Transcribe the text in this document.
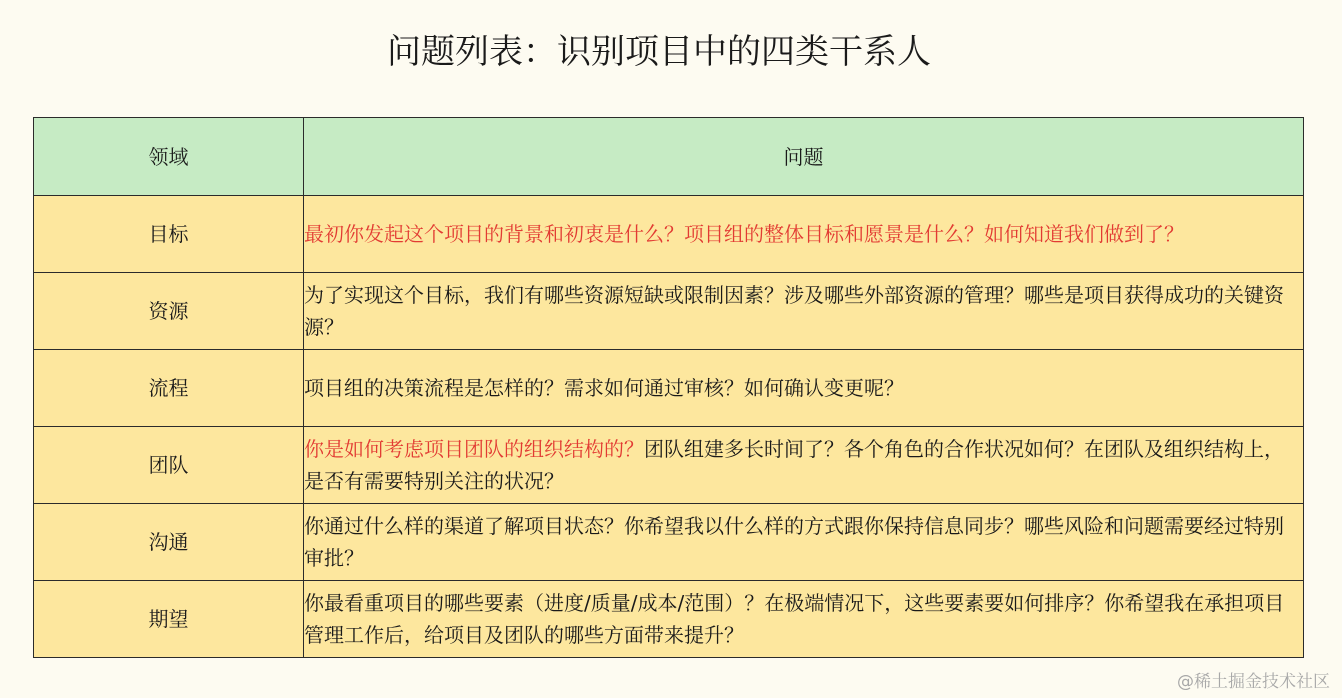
问题列表：识别项目中的四类干系人
领域	问题
目标	最初你发起这个项目的背景和初衷是什么？项目组的整体目标和愿景是什么？如何知道我们做到了？
资源	为了实现这个目标，我们有哪些资源短缺或限制因素？涉及哪些外部资源的管理？哪些是项目获得成功的关键资源？
流程	项目组的决策流程是怎样的？需求如何通过审核？如何确认变更呢？
团队	你是如何考虑项目团队的组织结构的？团队组建多长时间了？各个角色的合作状况如何？在团队及组织结构上，是否有需要特别关注的状况？
沟通	你通过什么样的渠道了解项目状态？你希望我以什么样的方式跟你保持信息同步？哪些风险和问题需要经过特别审批？
期望	你最看重项目的哪些要素（进度/质量/成本/范围）？在极端情况下，这些要素要如何排序？你希望我在承担项目管理工作后，给项目及团队的哪些方面带来提升？
@稀土掘金技术社区
